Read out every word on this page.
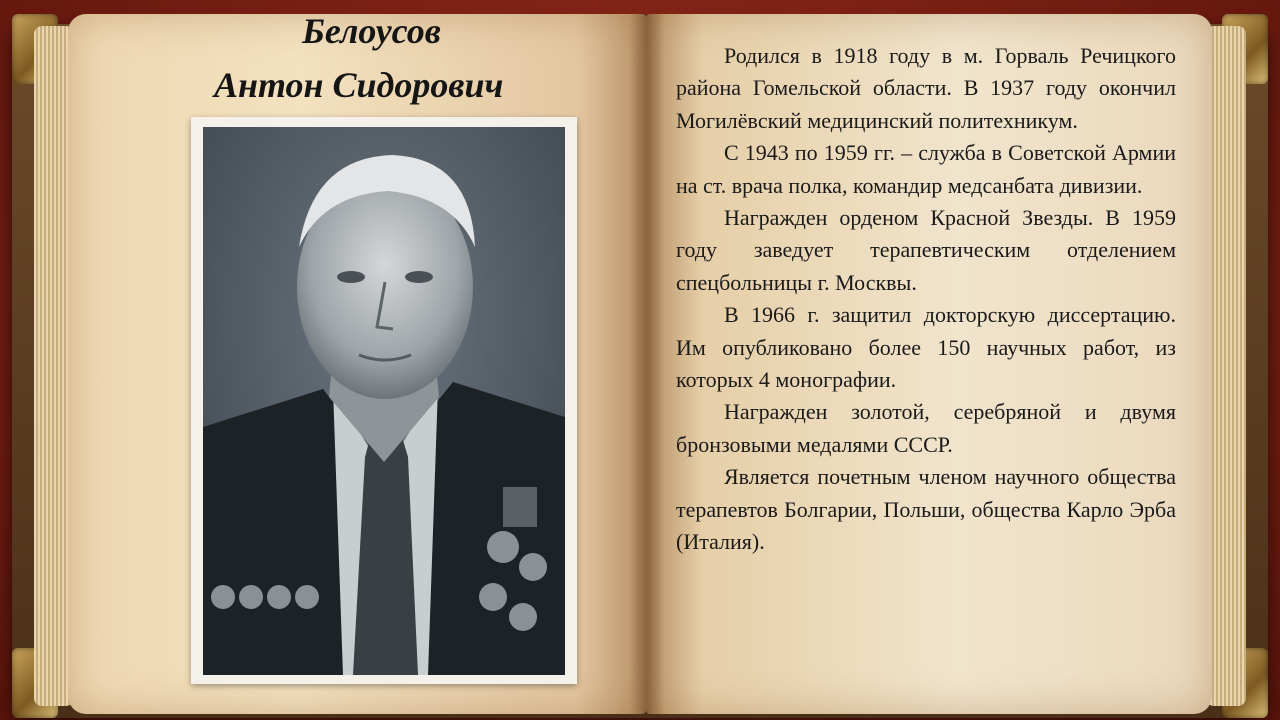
Белоусов
Антон Сидорович

Родился в 1918 году в м. Горваль Речицкого района Гомельской области. В 1937 году окончил Могилёвский медицинский политехникум.

С 1943 по 1959 гг. – служба в Советской Армии на ст. врача полка, командир медсанбата дивизии.

Награжден орденом Красной Звезды. В 1959 году заведует терапевтическим отделением спецбольницы г. Москвы.

В 1966 г. защитил докторскую диссертацию. Им опубликовано более 150 научных работ, из которых 4 монографии.

Награжден золотой, серебряной и двумя бронзовыми медалями СССР.

Является почетным членом научного общества терапевтов Болгарии, Польши, общества Карло Эрба (Италия).
